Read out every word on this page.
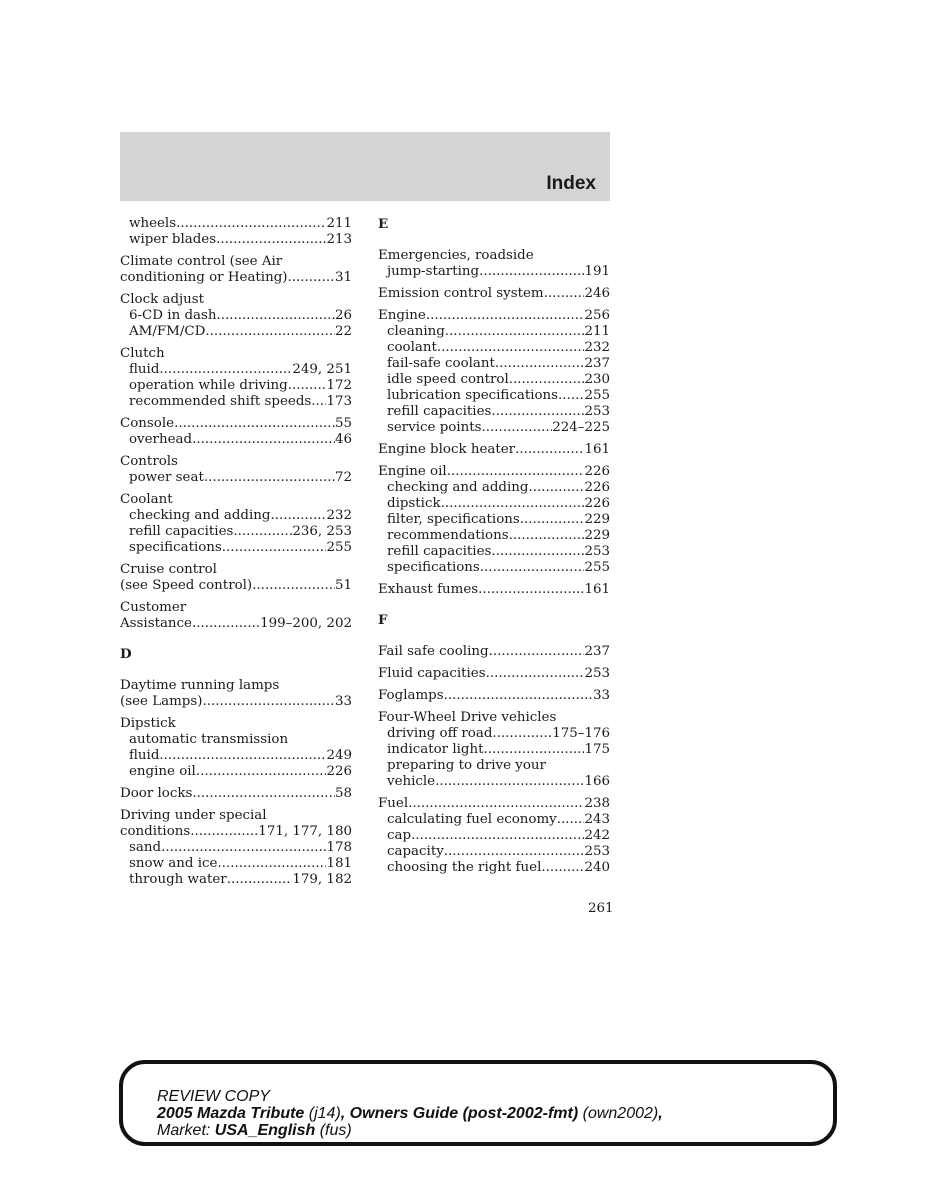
Index
wheels .....	211
wiper blades .....	213
Climate control (see Air
conditioning or Heating) .....	31
Clock adjust
6-CD in dash .....	26
AM/FM/CD .....	22
Clutch
fluid .....	249, 251
operation while driving .....	172
recommended shift speeds ..... 173
Console .....	55
overhead .....	46
Controls
power seat .....	72
Coolant
checking and adding .....	232
refill capacities .....	236, 253
specifications .....	255
Cruise control
(see Speed control) .....	51
Customer
Assistance .....	199–200, 202
D
Daytime running lamps
(see Lamps) .....	33
Dipstick
automatic transmission
fluid .....	249
engine oil .....	226
Door locks .....	58
Driving under special
conditions .....	171, 177, 180
sand .....	178
snow and ice .....	181
through water .....	179, 182
E
Emergencies, roadside
jump-starting .....	191
Emission control system .....	246
Engine .....	256
cleaning .....	211
coolant .....	232
fail-safe coolant .....	237
idle speed control .....	230
lubrication specifications ..... 255
refill capacities .....	253
service points .....	224–225
Engine block heater .....	161
Engine oil .....	226
checking and adding .....	226
dipstick .....	226
filter, specifications .....	229
recommendations .....	229
refill capacities .....	253
specifications .....	255
Exhaust fumes .....	161
F
Fail safe cooling .....	237
Fluid capacities .....	253
Foglamps .....	33
Four-Wheel Drive vehicles
driving off road .....	175–176
indicator light .....	175
preparing to drive your
vehicle .....	166
Fuel .....	238
calculating fuel economy ..... 243
cap .....	242
capacity .....	253
choosing the right fuel .....	240
261
REVIEW COPY
2005 Mazda Tribute (j14), Owners Guide (post-2002-fmt) (own2002),
Market: USA_English (fus)
